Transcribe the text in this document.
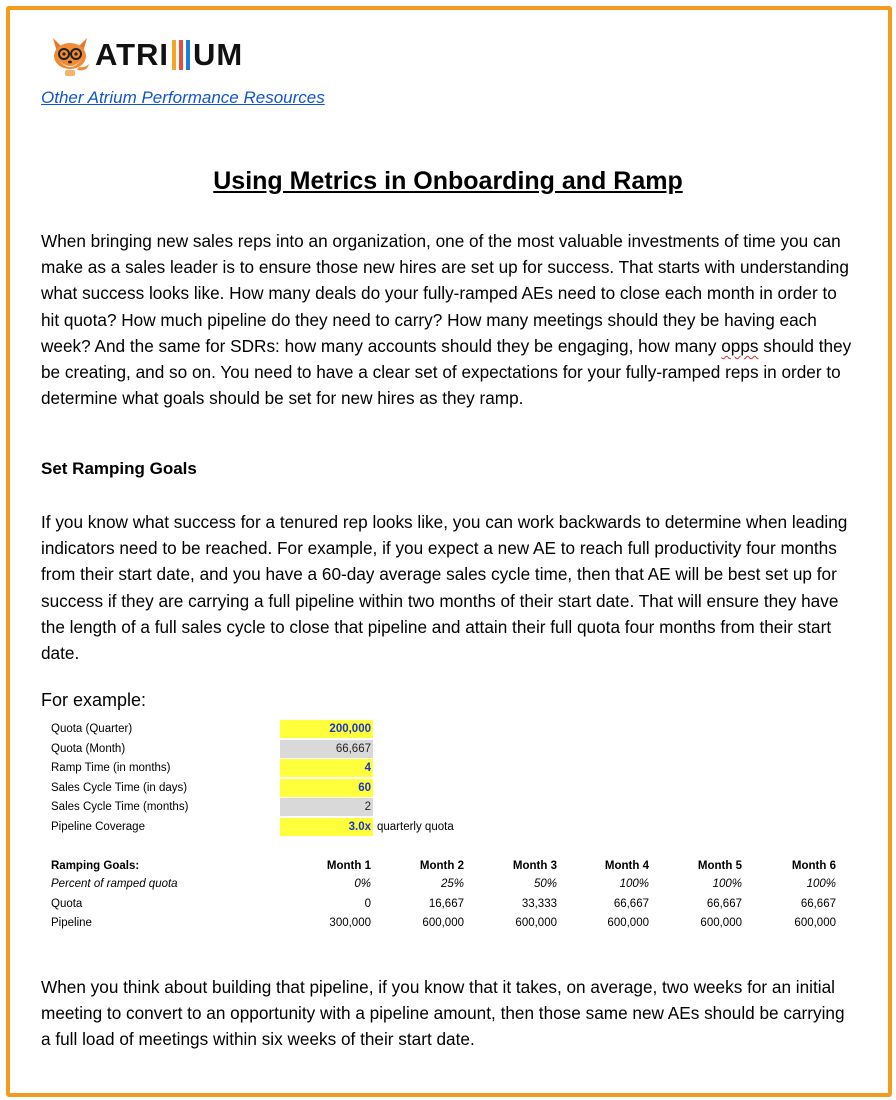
ATRI UM
Other Atrium Performance Resources
Using Metrics in Onboarding and Ramp
When bringing new sales reps into an organization, one of the most valuable investments of time you can make as a sales leader is to ensure those new hires are set up for success. That starts with understanding what success looks like. How many deals do your fully-ramped AEs need to close each month in order to hit quota? How much pipeline do they need to carry? How many meetings should they be having each week? And the same for SDRs: how many accounts should they be engaging, how many opps should they be creating, and so on. You need to have a clear set of expectations for your fully-ramped reps in order to determine what goals should be set for new hires as they ramp.
Set Ramping Goals
If you know what success for a tenured rep looks like, you can work backwards to determine when leading indicators need to be reached. For example, if you expect a new AE to reach full productivity four months from their start date, and you have a 60-day average sales cycle time, then that AE will be best set up for success if they are carrying a full pipeline within two months of their start date. That will ensure they have the length of a full sales cycle to close that pipeline and attain their full quota four months from their start date.
For example:
Quota (Quarter)	200,000
Quota (Month)	66,667
Ramp Time (in months)	4
Sales Cycle Time (in days)	60
Sales Cycle Time (months)	2
Pipeline Coverage	3.0x quarterly quota
Ramping Goals:	Month 1	Month 2	Month 3	Month 4	Month 5	Month 6
Percent of ramped quota	0%	25%	50%	100%	100%	100%
Quota	0	16,667	33,333	66,667	66,667	66,667
Pipeline	300,000	600,000	600,000	600,000	600,000	600,000
When you think about building that pipeline, if you know that it takes, on average, two weeks for an initial meeting to convert to an opportunity with a pipeline amount, then those same new AEs should be carrying a full load of meetings within six weeks of their start date.
